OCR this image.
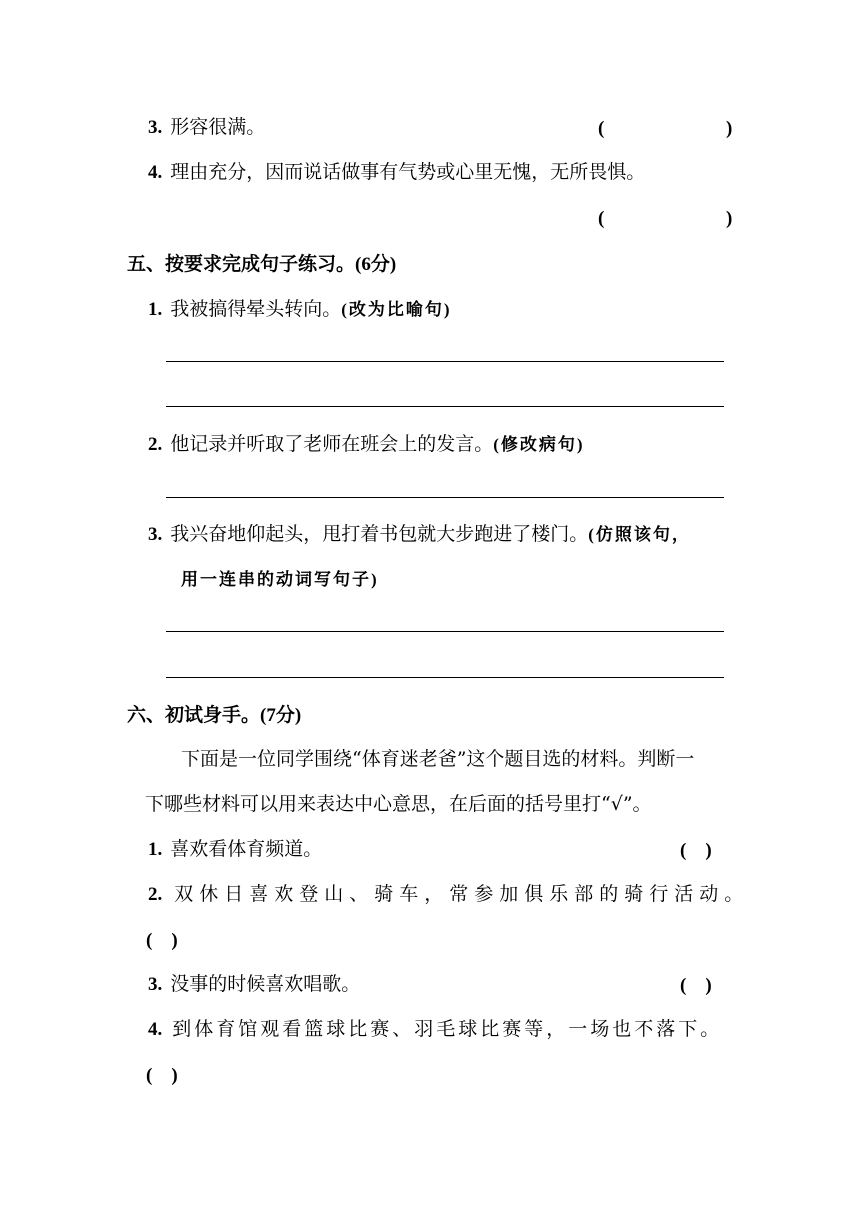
3. 形容很满。	(	)
4. 理由充分，因而说话做事有气势或心里无愧，无所畏惧。
(	)
五、按要求完成句子练习。(6分)
1. 我被搞得晕头转向。(改为比喻句)
2. 他记录并听取了老师在班会上的发言。(修改病句)
3. 我兴奋地仰起头，甩打着书包就大步跑进了楼门。(仿照该句，
用一连串的动词写句子)
六、初试身手。(7分)
下面是一位同学围绕“体育迷老爸”这个题目选的材料。判断一
下哪些材料可以用来表达中心意思，在后面的括号里打“√”。
1. 喜欢看体育频道。	(　)
2. 双休日喜欢登山、骑车，常参加俱乐部的骑行活动。
(　)
3. 没事的时候喜欢唱歌。	(　)
4. 到体育馆观看篮球比赛、羽毛球比赛等，一场也不落下。
(　)
